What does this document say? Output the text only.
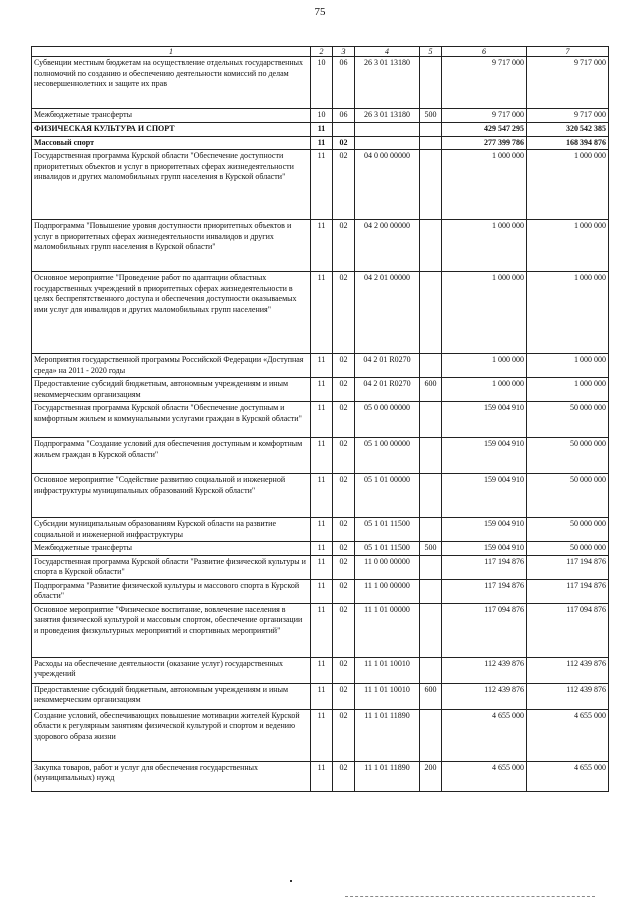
75
1	2	3	4	5	6	7
Субвенции местным бюджетам на осуществление отдельных государственных полномочий по созданию и обеспечению деятельности комиссий по делам несовершеннолетних и защите их прав	10	06	26 3 01 13180		9 717 000	9 717 000
Межбюджетные трансферты	10	06	26 3 01 13180	500	9 717 000	9 717 000
ФИЗИЧЕСКАЯ КУЛЬТУРА И СПОРТ	11				429 547 295	320 542 385
Массовый спорт	11	02			277 399 786	168 394 876
Государственная программа Курской области "Обеспечение доступности приоритетных объектов и услуг в приоритетных сферах жизнедеятельности инвалидов и других маломобильных групп населения в Курской области"	11	02	04 0 00 00000		1 000 000	1 000 000
Подпрограмма "Повышение уровня доступности приоритетных объектов и услуг в приоритетных сферах жизнедеятельности инвалидов и других маломобильных групп населения в Курской области"	11	02	04 2 00 00000		1 000 000	1 000 000
Основное мероприятие "Проведение работ по адаптации областных государственных учреждений в приоритетных сферах жизнедеятельности в целях беспрепятственного доступа и обеспечения доступности оказываемых ими услуг для инвалидов и других маломобильных групп населения"	11	02	04 2 01 00000		1 000 000	1 000 000
Мероприятия государственной программы Российской Федерации «Доступная среда» на 2011 - 2020 годы	11	02	04 2 01 R0270		1 000 000	1 000 000
Предоставление субсидий бюджетным, автономным учреждениям и иным некоммерческим организациям	11	02	04 2 01 R0270	600	1 000 000	1 000 000
Государственная программа Курской области "Обеспечение доступным и комфортным жильем и коммунальными услугами граждан в Курской области"	11	02	05 0 00 00000		159 004 910	50 000 000
Подпрограмма "Создание условий для обеспечения доступным и комфортным жильем граждан в Курской области"	11	02	05 1 00 00000		159 004 910	50 000 000
Основное мероприятие "Содействие развитию социальной и инженерной инфраструктуры муниципальных образований Курской области"	11	02	05 1 01 00000		159 004 910	50 000 000
Субсидии муниципальным образованиям Курской области на развитие социальной и инженерной инфраструктуры	11	02	05 1 01 11500		159 004 910	50 000 000
Межбюджетные трансферты	11	02	05 1 01 11500	500	159 004 910	50 000 000
Государственная программа Курской области "Развитие физической культуры и спорта в Курской области"	11	02	11 0 00 00000		117 194 876	117 194 876
Подпрограмма "Развитие физической культуры и массового спорта в Курской области"	11	02	11 1 00 00000		117 194 876	117 194 876
Основное мероприятие "Физическое воспитание, вовлечение населения в занятия физической культурой и массовым спортом, обеспечение организации и проведения физкультурных мероприятий и спортивных мероприятий"	11	02	11 1 01 00000		117 094 876	117 094 876
Расходы на обеспечение деятельности (оказание услуг) государственных учреждений	11	02	11 1 01 10010		112 439 876	112 439 876
Предоставление субсидий бюджетным, автономным учреждениям и иным некоммерческим организациям	11	02	11 1 01 10010	600	112 439 876	112 439 876
Создание условий, обеспечивающих повышение мотивации жителей Курской области к регулярным занятиям физической культурой и спортом и ведению здорового образа жизни	11	02	11 1 01 11890		4 655 000	4 655 000
Закупка товаров, работ и услуг для обеспечения государственных (муниципальных) нужд	11	02	11 1 01 11890	200	4 655 000	4 655 000
